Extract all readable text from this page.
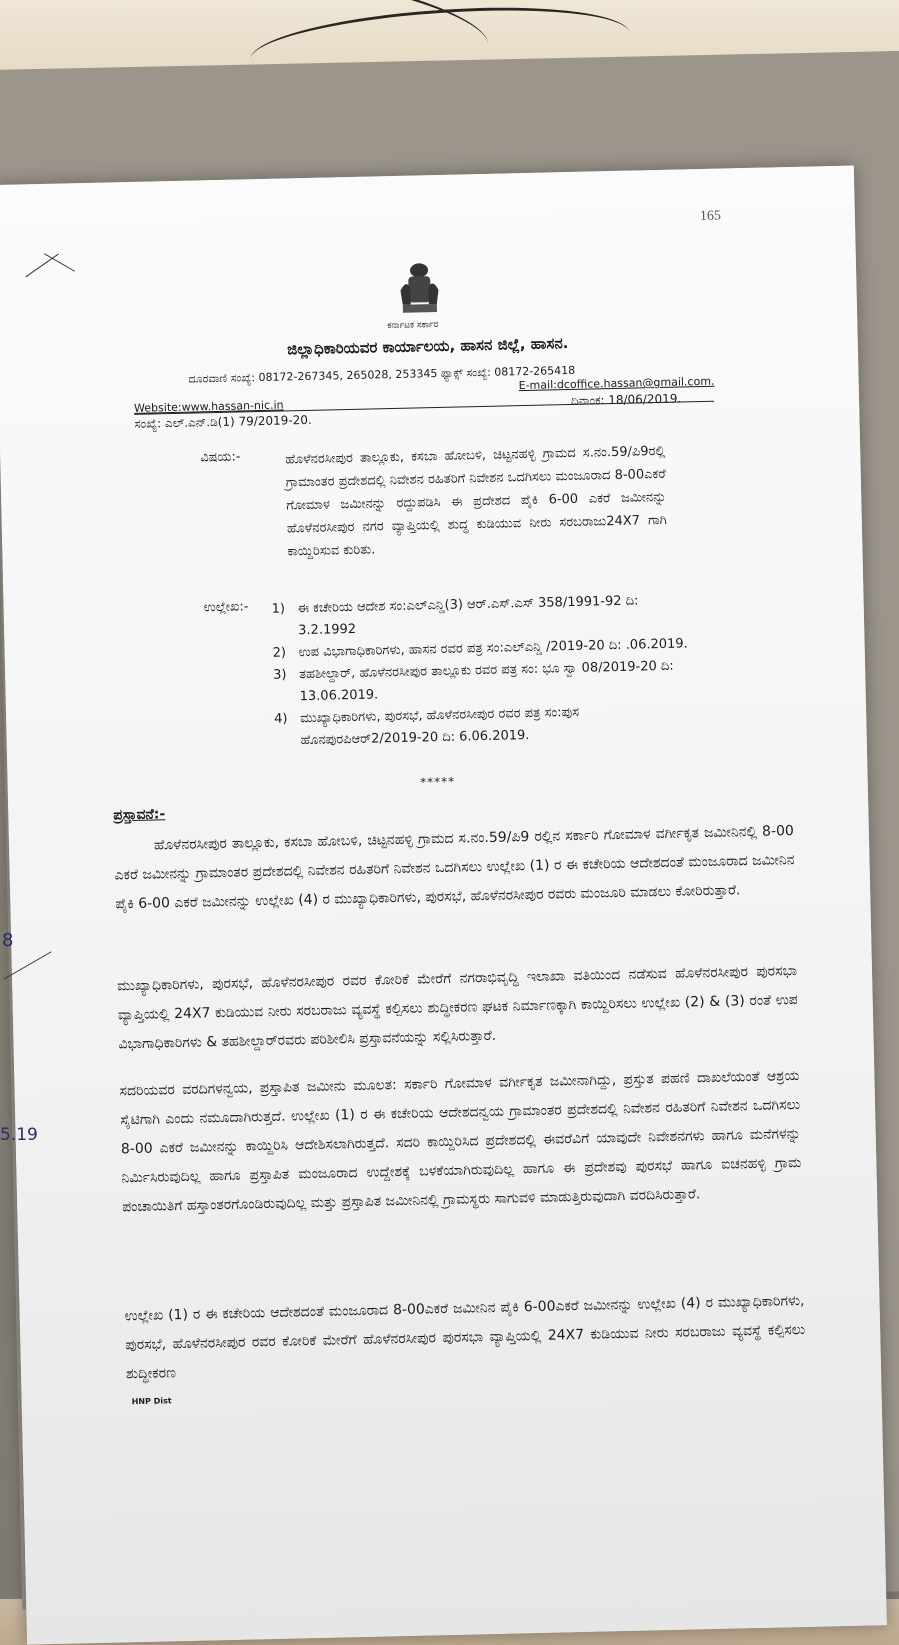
165
ಕರ್ನಾಟಕ ಸರ್ಕಾರ
ಜಿಲ್ಲಾಧಿಕಾರಿಯವರ ಕಾರ್ಯಾಲಯ, ಹಾಸನ ಜಿಲ್ಲೆ, ಹಾಸನ.
ದೂರವಾಣಿ ಸಂಖ್ಯೆ: 08172-267345, 265028, 253345 ಫ್ಯಾಕ್ಸ್ ಸಂಖ್ಯೆ: 08172-265418
E-mail:dcoffice.hassan@gmail.com.
Website:www.hassan-nic.in	ದಿನಾಂಕ: 18/06/2019.
ಸಂಖ್ಯೆ: ಎಲ್.ಎನ್.ಡಿ(1) 79/2019-20.
ವಿಷಯ:-	ಹೊಳೆನರಸೀಪುರ ತಾಲ್ಲೂಕು, ಕಸಬಾ ಹೋಬಳಿ, ಚಿಟ್ಟನಹಳ್ಳಿ ಗ್ರಾಮದ ಸ.ನಂ.59/ಪಿ9ರಲ್ಲಿ ಗ್ರಾಮಾಂತರ ಪ್ರದೇಶದಲ್ಲಿ ನಿವೇಶನ ರಹಿತರಿಗೆ ನಿವೇಶನ ಒದಗಿಸಲು ಮಂಜೂರಾದ 8-00ಎಕರೆ ಗೋಮಾಳ ಜಮೀನನ್ನು ರದ್ದುಪಡಿಸಿ ಈ ಪ್ರದೇಶದ ಪೈಕಿ 6-00 ಎಕರೆ ಜಮೀನನ್ನು ಹೊಳೆನರಸೀಪುರ ನಗರ ವ್ಯಾಪ್ತಿಯಲ್ಲಿ ಶುದ್ಧ ಕುಡಿಯುವ ನೀರು ಸರಬರಾಜು24X7 ಗಾಗಿ ಕಾಯ್ದಿರಿಸುವ ಕುರಿತು.
ಉಲ್ಲೇಖ:- 1) ಈ ಕಚೇರಿಯ ಆದೇಶ ಸಂ:ಎಲ್ಎನ್ಡಿ(3) ಆರ್.ಎಸ್.ಎಸ್ 358/1991-92 ದಿ: 3.2.1992
2) ಉಪ ವಿಭಾಗಾಧಿಕಾರಿಗಳು, ಹಾಸನ ರವರ ಪತ್ರ ಸಂ:ಎಲ್ಎನ್ಡಿ /2019-20 ದಿ: .06.2019.
3) ತಹಶೀಲ್ದಾರ್, ಹೊಳೆನರಸೀಪುರ ತಾಲ್ಲೂಕು ರವರ ಪತ್ರ ಸಂ: ಭೂ ಸ್ವಾ 08/2019-20 ದಿ: 13.06.2019.
4) ಮುಖ್ಯಾಧಿಕಾರಿಗಳು, ಪುರಸಭೆ, ಹೊಳೆನರಸೀಪುರ ರವರ ಪತ್ರ ಸಂ:ಪುಸ ಹೊನಪುರಪಿಆರ್2/2019-20 ದಿ: 6.06.2019.
*****
ಪ್ರಸ್ತಾವನೆ:-
ಹೊಳೆನರಸೀಪುರ ತಾಲ್ಲೂಕು, ಕಸಬಾ ಹೋಬಳಿ, ಚಿಟ್ಟನಹಳ್ಳಿ ಗ್ರಾಮದ ಸ.ನಂ.59/ಪಿ9 ರಲ್ಲಿನ ಸರ್ಕಾರಿ ಗೋಮಾಳ ವರ್ಗೀಕೃತ ಜಮೀನಿನಲ್ಲಿ 8-00 ಎಕರೆ ಜಮೀನನ್ನು ಗ್ರಾಮಾಂತರ ಪ್ರದೇಶದಲ್ಲಿ ನಿವೇಶನ ರಹಿತರಿಗೆ ನಿವೇಶನ ಒದಗಿಸಲು ಉಲ್ಲೇಖ (1) ರ ಈ ಕಚೇರಿಯ ಆದೇಶದಂತೆ ಮಂಜೂರಾದ ಜಮೀನಿನ ಪೈಕಿ 6-00 ಎಕರೆ ಜಮೀನನ್ನು ಉಲ್ಲೇಖ (4) ರ ಮುಖ್ಯಾಧಿಕಾರಿಗಳು, ಪುರಸಭೆ, ಹೊಳೆನರಸೀಪುರ ರವರು ಮಂಜೂರಿ ಮಾಡಲು ಕೋರಿರುತ್ತಾರೆ.
ಮುಖ್ಯಾಧಿಕಾರಿಗಳು, ಪುರಸಭೆ, ಹೊಳೆನರಸೀಪುರ ರವರ ಕೋರಿಕೆ ಮೇರೆಗೆ ನಗರಾಭಿವೃದ್ಧಿ ಇಲಾಖಾ ವತಿಯಿಂದ ನಡೆಸುವ ಹೊಳೆನರಸೀಪುರ ಪುರಸಭಾ ವ್ಯಾಪ್ತಿಯಲ್ಲಿ 24X7 ಕುಡಿಯುವ ನೀರು ಸರಬರಾಜು ವ್ಯವಸ್ಥೆ ಕಲ್ಪಿಸಲು ಶುದ್ಧೀಕರಣ ಘಟಕ ನಿರ್ಮಾಣಕ್ಕಾಗಿ ಕಾಯ್ದಿರಿಸಲು ಉಲ್ಲೇಖ (2) & (3) ರಂತೆ ಉಪ ವಿಭಾಗಾಧಿಕಾರಿಗಳು & ತಹಶೀಲ್ದಾರ್‌ರವರು ಪರಿಶೀಲಿಸಿ ಪ್ರಸ್ತಾವನೆಯನ್ನು ಸಲ್ಲಿಸಿರುತ್ತಾರೆ.
ಸದರಿಯವರ ವರದಿಗಳನ್ವಯ, ಪ್ರಸ್ತಾಪಿತ ಜಮೀನು ಮೂಲತ: ಸರ್ಕಾರಿ ಗೋಮಾಳ ವರ್ಗೀಕೃತ ಜಮೀನಾಗಿದ್ದು, ಪ್ರಸ್ತುತ ಪಹಣಿ ದಾಖಲೆಯಂತೆ ಆಶ್ರಯ ಸೈಟಿಗಾಗಿ ಎಂದು ನಮೂದಾಗಿರುತ್ತದೆ. ಉಲ್ಲೇಖ (1) ರ ಈ ಕಚೇರಿಯ ಆದೇಶದನ್ವಯ ಗ್ರಾಮಾಂತರ ಪ್ರದೇಶದಲ್ಲಿ ನಿವೇಶನ ರಹಿತರಿಗೆ ನಿವೇಶನ ಒದಗಿಸಲು 8-00 ಎಕರೆ ಜಮೀನನ್ನು ಕಾಯ್ದಿರಿಸಿ ಆದೇಶಿಸಲಾಗಿರುತ್ತದೆ. ಸದರಿ ಕಾಯ್ದಿರಿಸಿದ ಪ್ರದೇಶದಲ್ಲಿ ಈವರೆವಿಗೆ ಯಾವುದೇ ನಿವೇಶನಗಳು ಹಾಗೂ ಮನೆಗಳನ್ನು ನಿರ್ಮಿಸಿರುವುದಿಲ್ಲ ಹಾಗೂ ಪ್ರಸ್ತಾಪಿತ ಮಂಜೂರಾದ ಉದ್ದೇಶಕ್ಕೆ ಬಳಕೆಯಾಗಿರುವುದಿಲ್ಲ ಹಾಗೂ ಈ ಪ್ರದೇಶವು ಪುರಸಭೆ ಹಾಗೂ ಐಚನಹಳ್ಳಿ ಗ್ರಾಮ ಪಂಚಾಯಿತಿಗೆ ಹಸ್ತಾಂತರಗೊಂಡಿರುವುದಿಲ್ಲ ಮತ್ತು ಪ್ರಸ್ತಾಪಿತ ಜಮೀನಿನಲ್ಲಿ ಗ್ರಾಮಸ್ಥರು ಸಾಗುವಳಿ ಮಾಡುತ್ತಿರುವುದಾಗಿ ವರದಿಸಿರುತ್ತಾರೆ.
ಉಲ್ಲೇಖ (1) ರ ಈ ಕಚೇರಿಯ ಆದೇಶದಂತೆ ಮಂಜೂರಾದ 8-00ಎಕರೆ ಜಮೀನಿನ ಪೈಕಿ 6-00ಎಕರೆ ಜಮೀನನ್ನು ಉಲ್ಲೇಖ (4) ರ ಮುಖ್ಯಾಧಿಕಾರಿಗಳು, ಪುರಸಭೆ, ಹೊಳೆನರಸೀಪುರ ರವರ ಕೋರಿಕೆ ಮೇರೆಗೆ ಹೊಳೆನರಸೀಪುರ ಪುರಸಭಾ ವ್ಯಾಪ್ತಿಯಲ್ಲಿ 24X7 ಕುಡಿಯುವ ನೀರು ಸರಬರಾಜು ವ್ಯವಸ್ಥೆ ಕಲ್ಪಿಸಲು ಶುದ್ಧೀಕರಣ
HNP Dist
8
5.19
